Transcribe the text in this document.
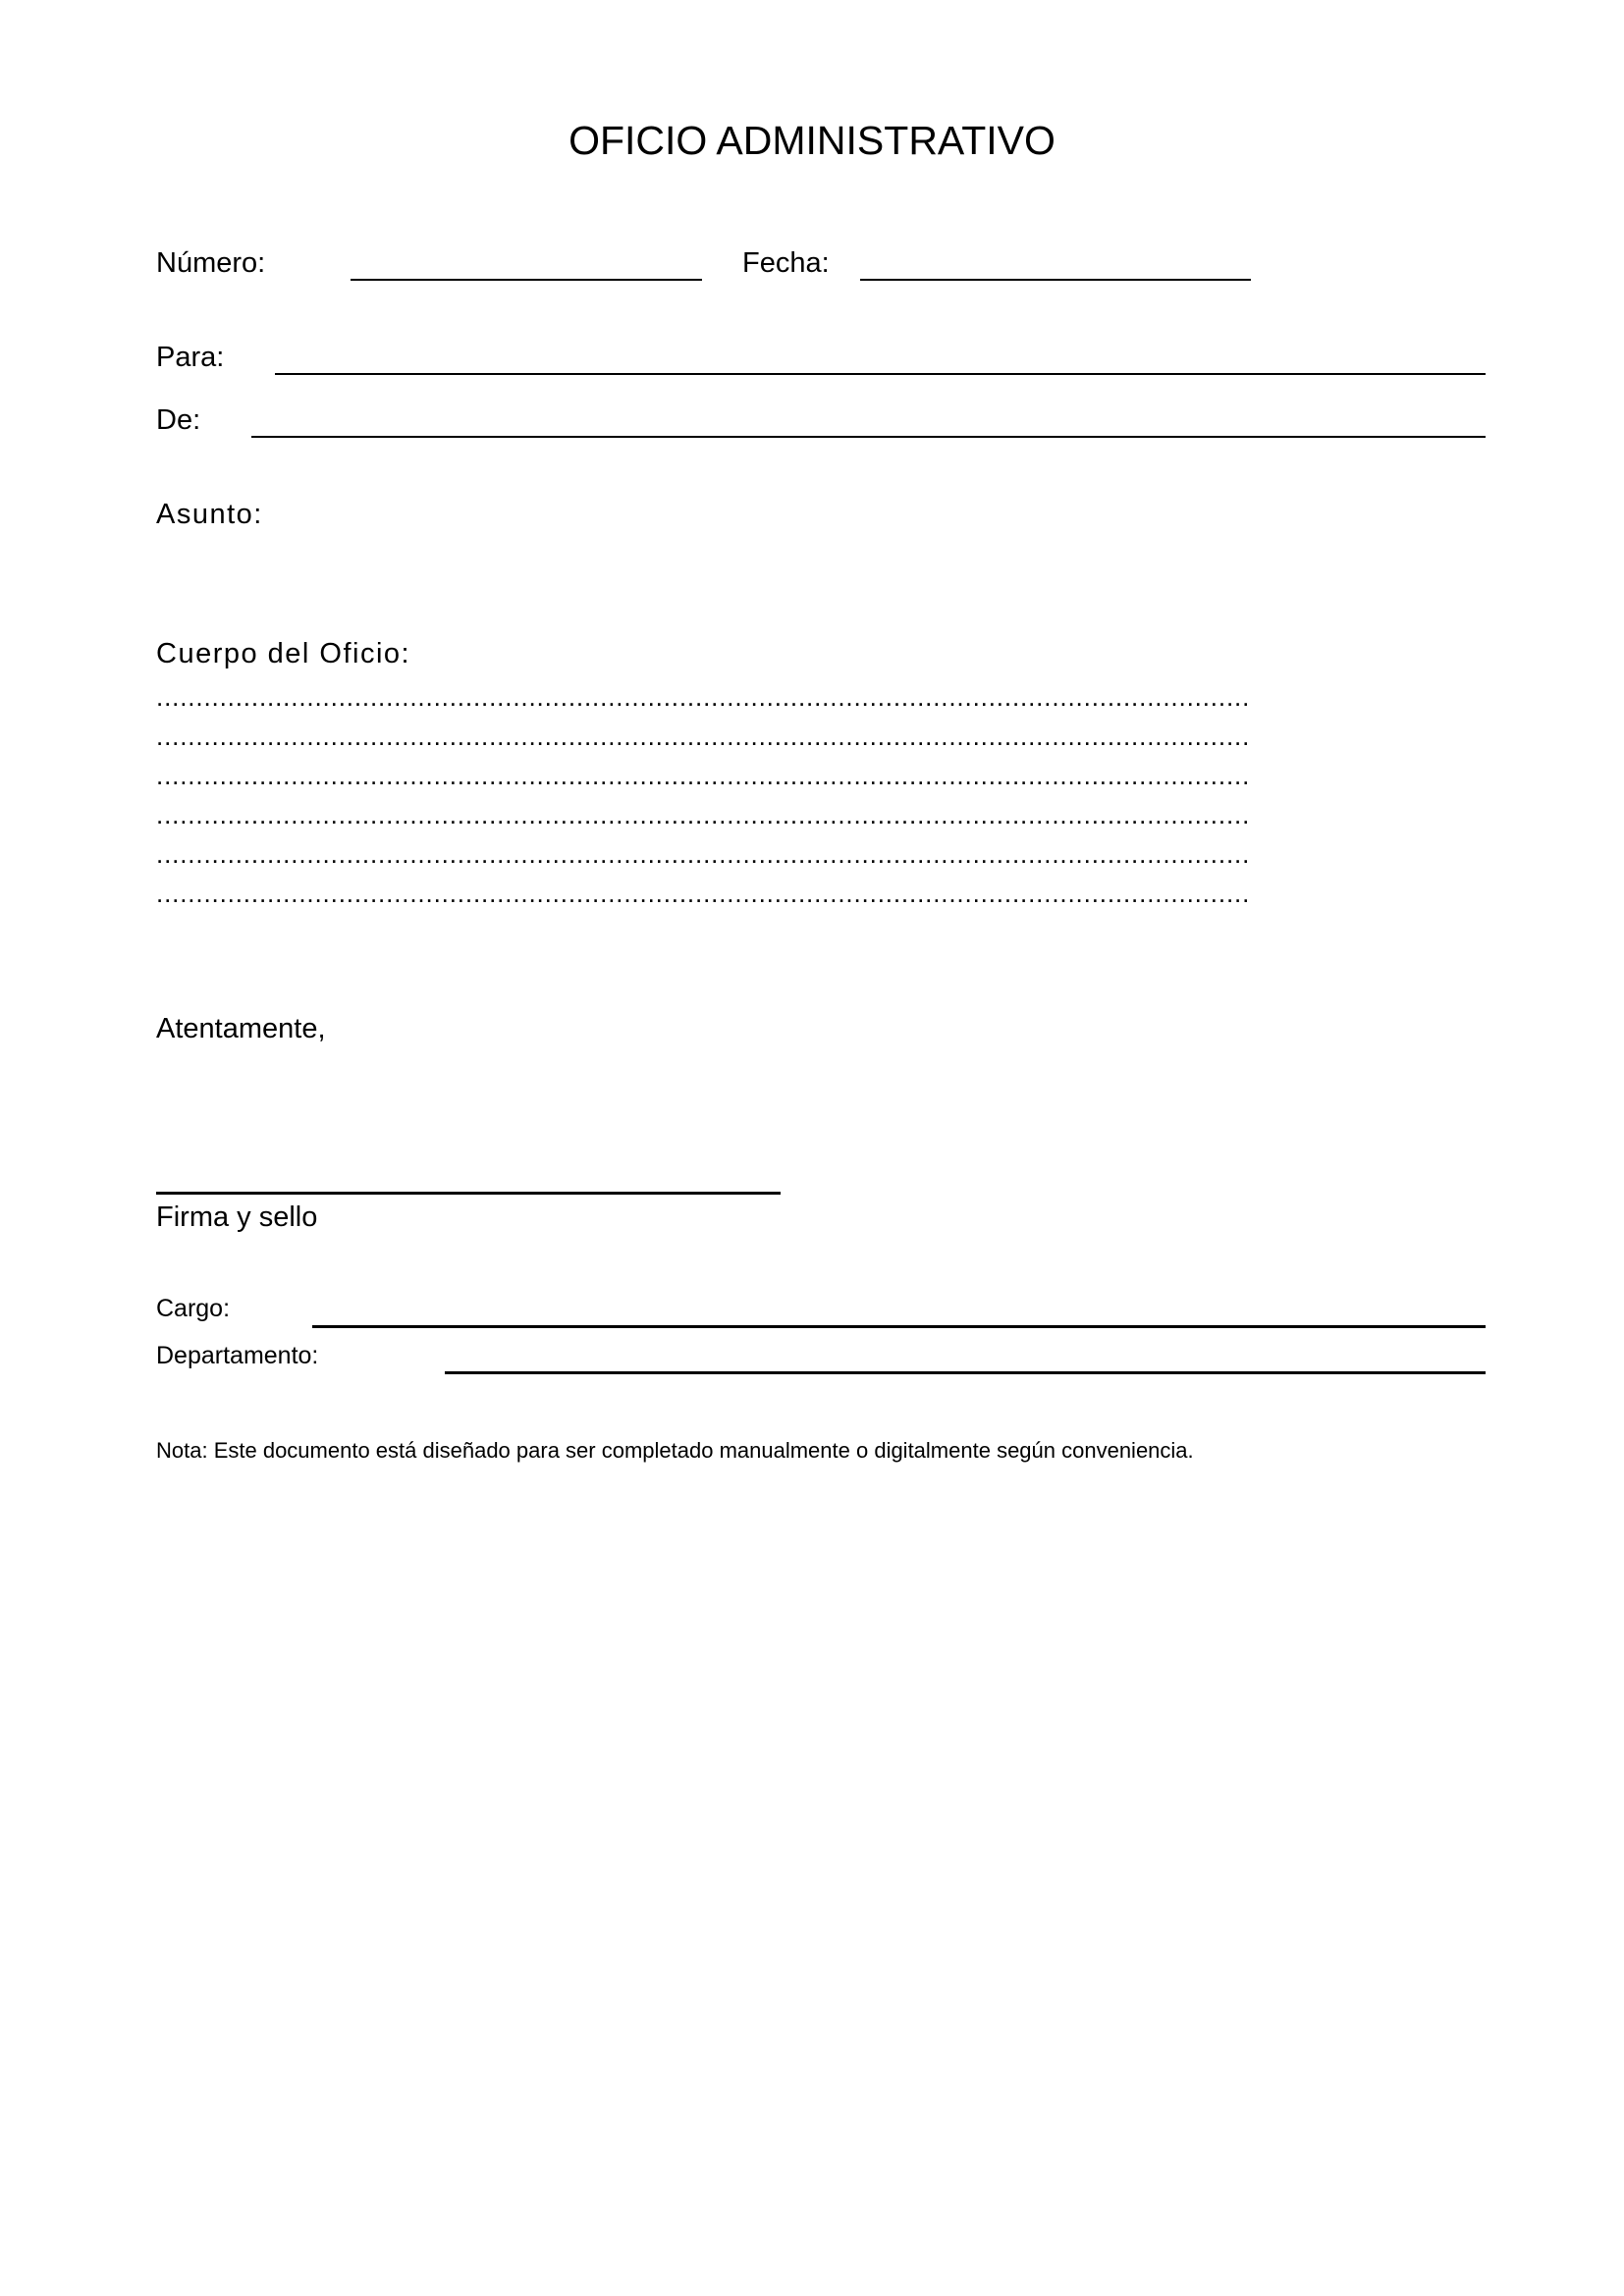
OFICIO ADMINISTRATIVO
Número:	Fecha:
Para:
De:
Asunto:
Cuerpo del Oficio:
..........................................................................................................................................
..........................................................................................................................................
..........................................................................................................................................
..........................................................................................................................................
..........................................................................................................................................
..........................................................................................................................................
Atentamente,
Firma y sello
Cargo:
Departamento:
Nota: Este documento está diseñado para ser completado manualmente o digitalmente según conveniencia.
